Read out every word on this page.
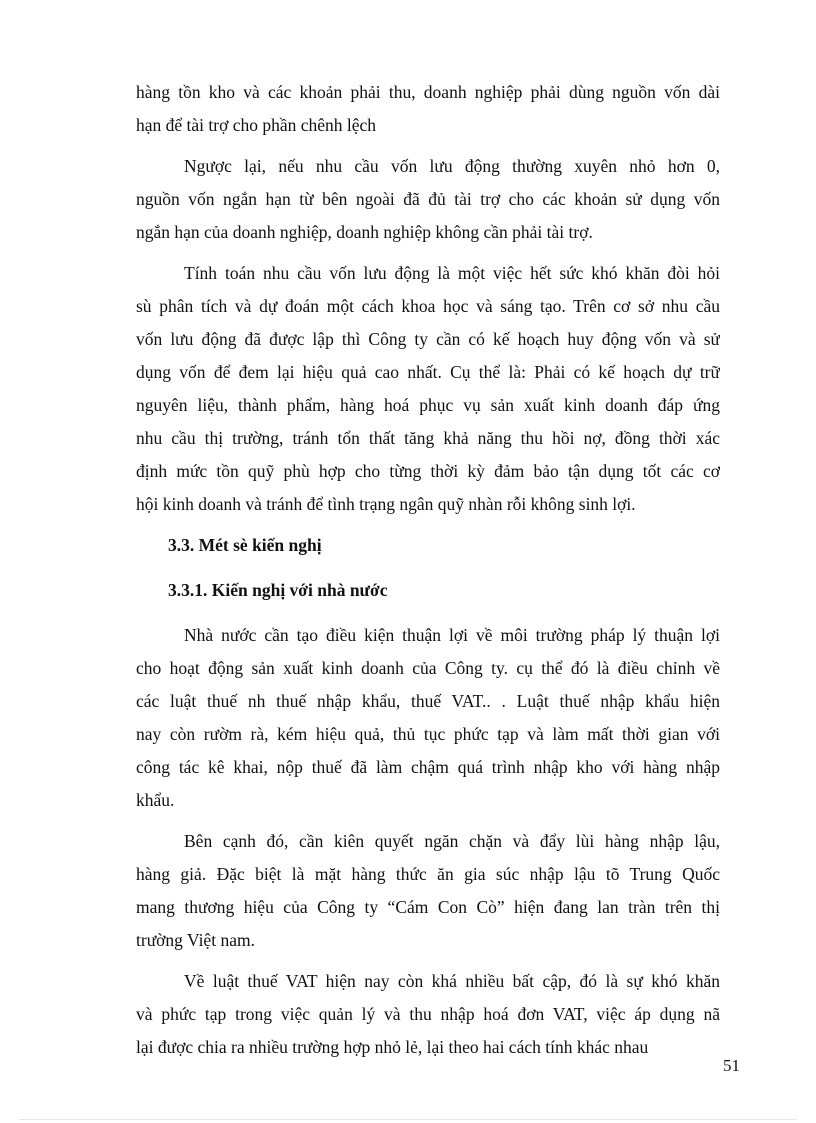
hàng tồn kho và các khoản phải thu, doanh nghiệp phải dùng nguồn vốn dài
hạn để tài trợ cho phần chênh lệch
Ngược lại, nếu nhu cầu vốn lưu động thường xuyên nhỏ hơn 0,
nguồn vốn ngắn hạn từ bên ngoài đã đủ tài trợ cho các khoản sử dụng vốn
ngắn hạn của doanh nghiệp, doanh nghiệp không cần phải tài trợ.
Tính toán nhu cầu vốn lưu động là một việc hết sức khó khăn đòi hỏi
sù phân tích và dự đoán một cách khoa học và sáng tạo. Trên cơ sở nhu cầu
vốn lưu động đã được lập thì Công ty cần có kế hoạch huy động vốn và sử
dụng vốn để đem lại hiệu quả cao nhất. Cụ thể là: Phải có kế hoạch dự trữ
nguyên liệu, thành phẩm, hàng hoá phục vụ sản xuất kinh doanh đáp ứng
nhu cầu thị trường, tránh tổn thất tăng khả năng thu hồi nợ, đồng thời xác
định mức tồn quỹ phù hợp cho từng thời kỳ đảm bảo tận dụng tốt các cơ
hội kinh doanh và tránh để tình trạng ngân quỹ nhàn rỗi không sinh lợi.
3.3. Mét sè kiến nghị
3.3.1. Kiến nghị với nhà nước
Nhà nước cần tạo điều kiện thuận lợi về môi trường pháp lý thuận lợi
cho hoạt động sản xuất kinh doanh của Công ty. cụ thể đó là điều chỉnh về
các luật thuế nh thuế nhập khẩu, thuế VAT.. . Luật thuế nhập khẩu hiện
nay còn rườm rà, kém hiệu quả, thủ tục phức tạp và làm mất thời gian với
công tác kê khai, nộp thuế đã làm chậm quá trình nhập kho với hàng nhập
khẩu.
Bên cạnh đó, cần kiên quyết ngăn chặn và đẩy lùi hàng nhập lậu,
hàng giả. Đặc biệt là mặt hàng thức ăn gia súc nhập lậu tõ Trung Quốc
mang thương hiệu của Công ty “Cám Con Cò” hiện đang lan tràn trên thị
trường Việt nam.
Về luật thuế VAT hiện nay còn khá nhiều bất cập, đó là sự khó khăn
và phức tạp trong việc quản lý và thu nhập hoá đơn VAT, việc áp dụng nã
lại được chia ra nhiều trường hợp nhỏ lẻ, lại theo hai cách tính khác nhau
51
